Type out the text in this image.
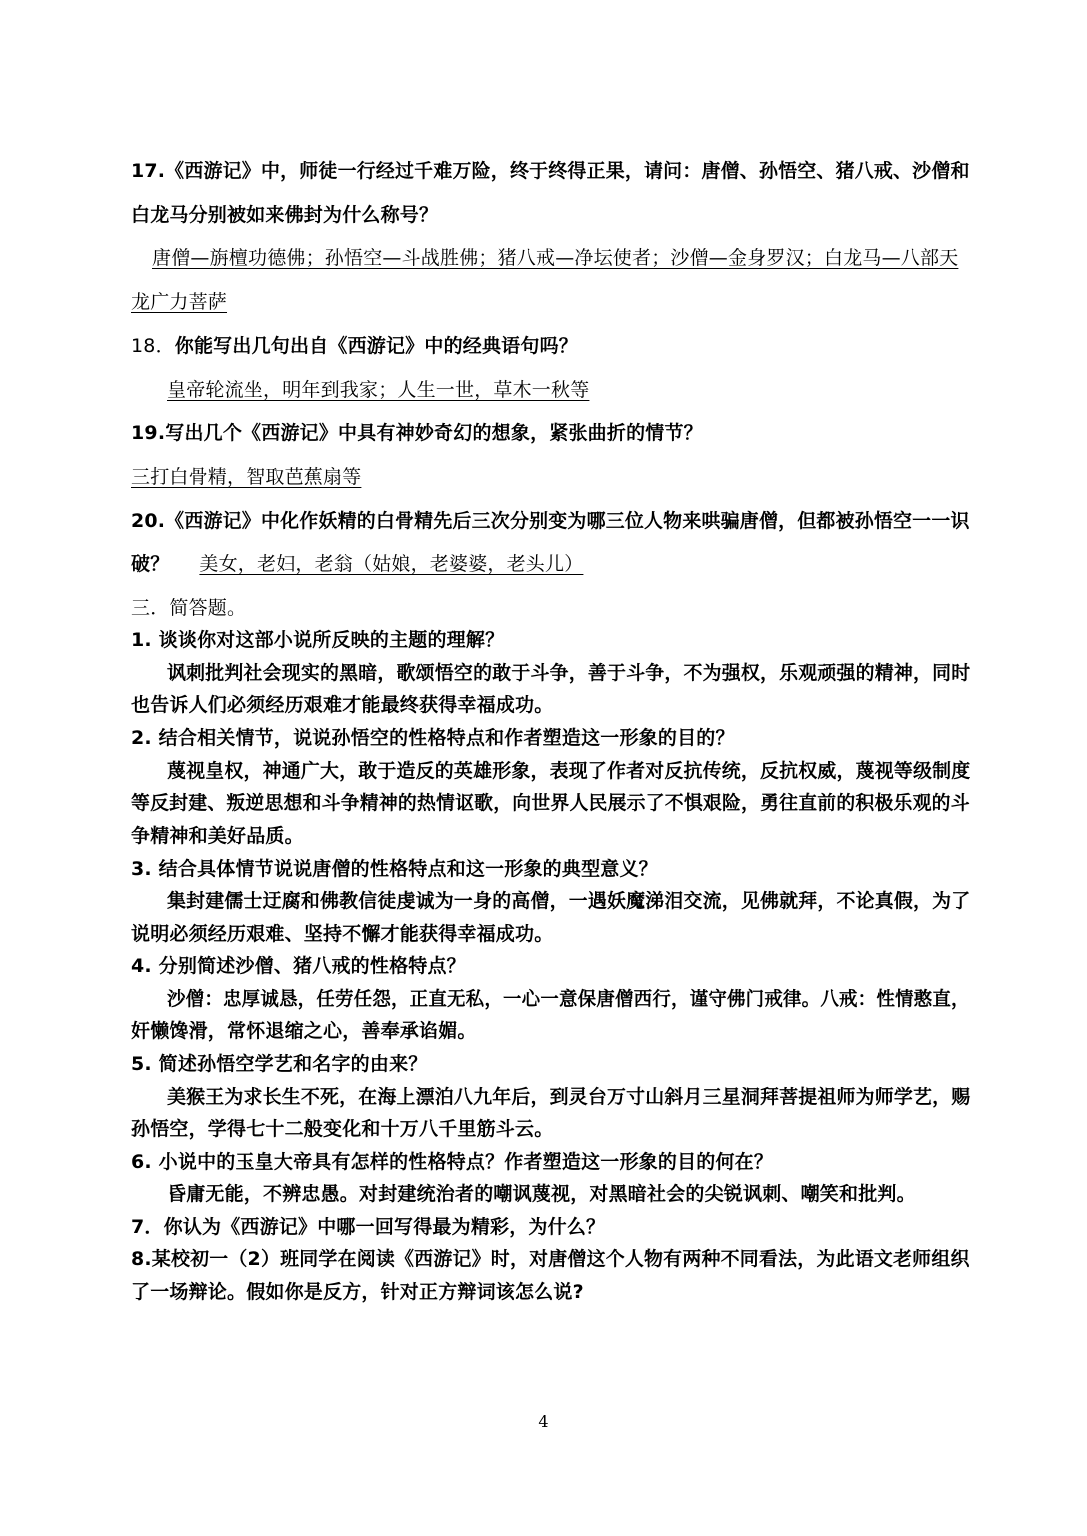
17.《西游记》中，师徒一行经过千难万险，终于终得正果，请问：唐僧、孙悟空、猪八戒、沙僧和
白龙马分别被如来佛封为什么称号？
唐僧—旃檀功德佛；孙悟空—斗战胜佛；猪八戒—净坛使者；沙僧—金身罗汉；白龙马—八部天
龙广力菩萨
18．你能写出几句出自《西游记》中的经典语句吗？
皇帝轮流坐，明年到我家；人生一世，草木一秋等
19.写出几个《西游记》中具有神妙奇幻的想象，紧张曲折的情节？
三打白骨精，智取芭蕉扇等
20.《西游记》中化作妖精的白骨精先后三次分别变为哪三位人物来哄骗唐僧，但都被孙悟空一一识
破？ 美女，老妇，老翁（姑娘，老婆婆，老头儿）
三．简答题。
1. 谈谈你对这部小说所反映的主题的理解？
讽刺批判社会现实的黑暗，歌颂悟空的敢于斗争，善于斗争，不为强权，乐观顽强的精神，同时
也告诉人们必须经历艰难才能最终获得幸福成功。
2. 结合相关情节，说说孙悟空的性格特点和作者塑造这一形象的目的？
蔑视皇权，神通广大，敢于造反的英雄形象，表现了作者对反抗传统，反抗权威，蔑视等级制度
等反封建、叛逆思想和斗争精神的热情讴歌，向世界人民展示了不惧艰险，勇往直前的积极乐观的斗
争精神和美好品质。
3. 结合具体情节说说唐僧的性格特点和这一形象的典型意义？
集封建儒士迂腐和佛教信徒虔诚为一身的高僧，一遇妖魔涕泪交流，见佛就拜，不论真假，为了
说明必须经历艰难、坚持不懈才能获得幸福成功。
4. 分别简述沙僧、猪八戒的性格特点？
沙僧：忠厚诚恳，任劳任怨，正直无私，一心一意保唐僧西行，谨守佛门戒律。八戒：性情憨直，
奸懒馋滑，常怀退缩之心，善奉承谄媚。
5. 简述孙悟空学艺和名字的由来？
美猴王为求长生不死，在海上漂泊八九年后，到灵台万寸山斜月三星洞拜菩提祖师为师学艺，赐
孙悟空，学得七十二般变化和十万八千里筋斗云。
6. 小说中的玉皇大帝具有怎样的性格特点？作者塑造这一形象的目的何在？
昏庸无能，不辨忠愚。对封建统治者的嘲讽蔑视，对黑暗社会的尖锐讽刺、嘲笑和批判。
7．你认为《西游记》中哪一回写得最为精彩，为什么？
8.某校初一（2）班同学在阅读《西游记》时，对唐僧这个人物有两种不同看法，为此语文老师组织
了一场辩论。假如你是反方，针对正方辩词该怎么说?
4
